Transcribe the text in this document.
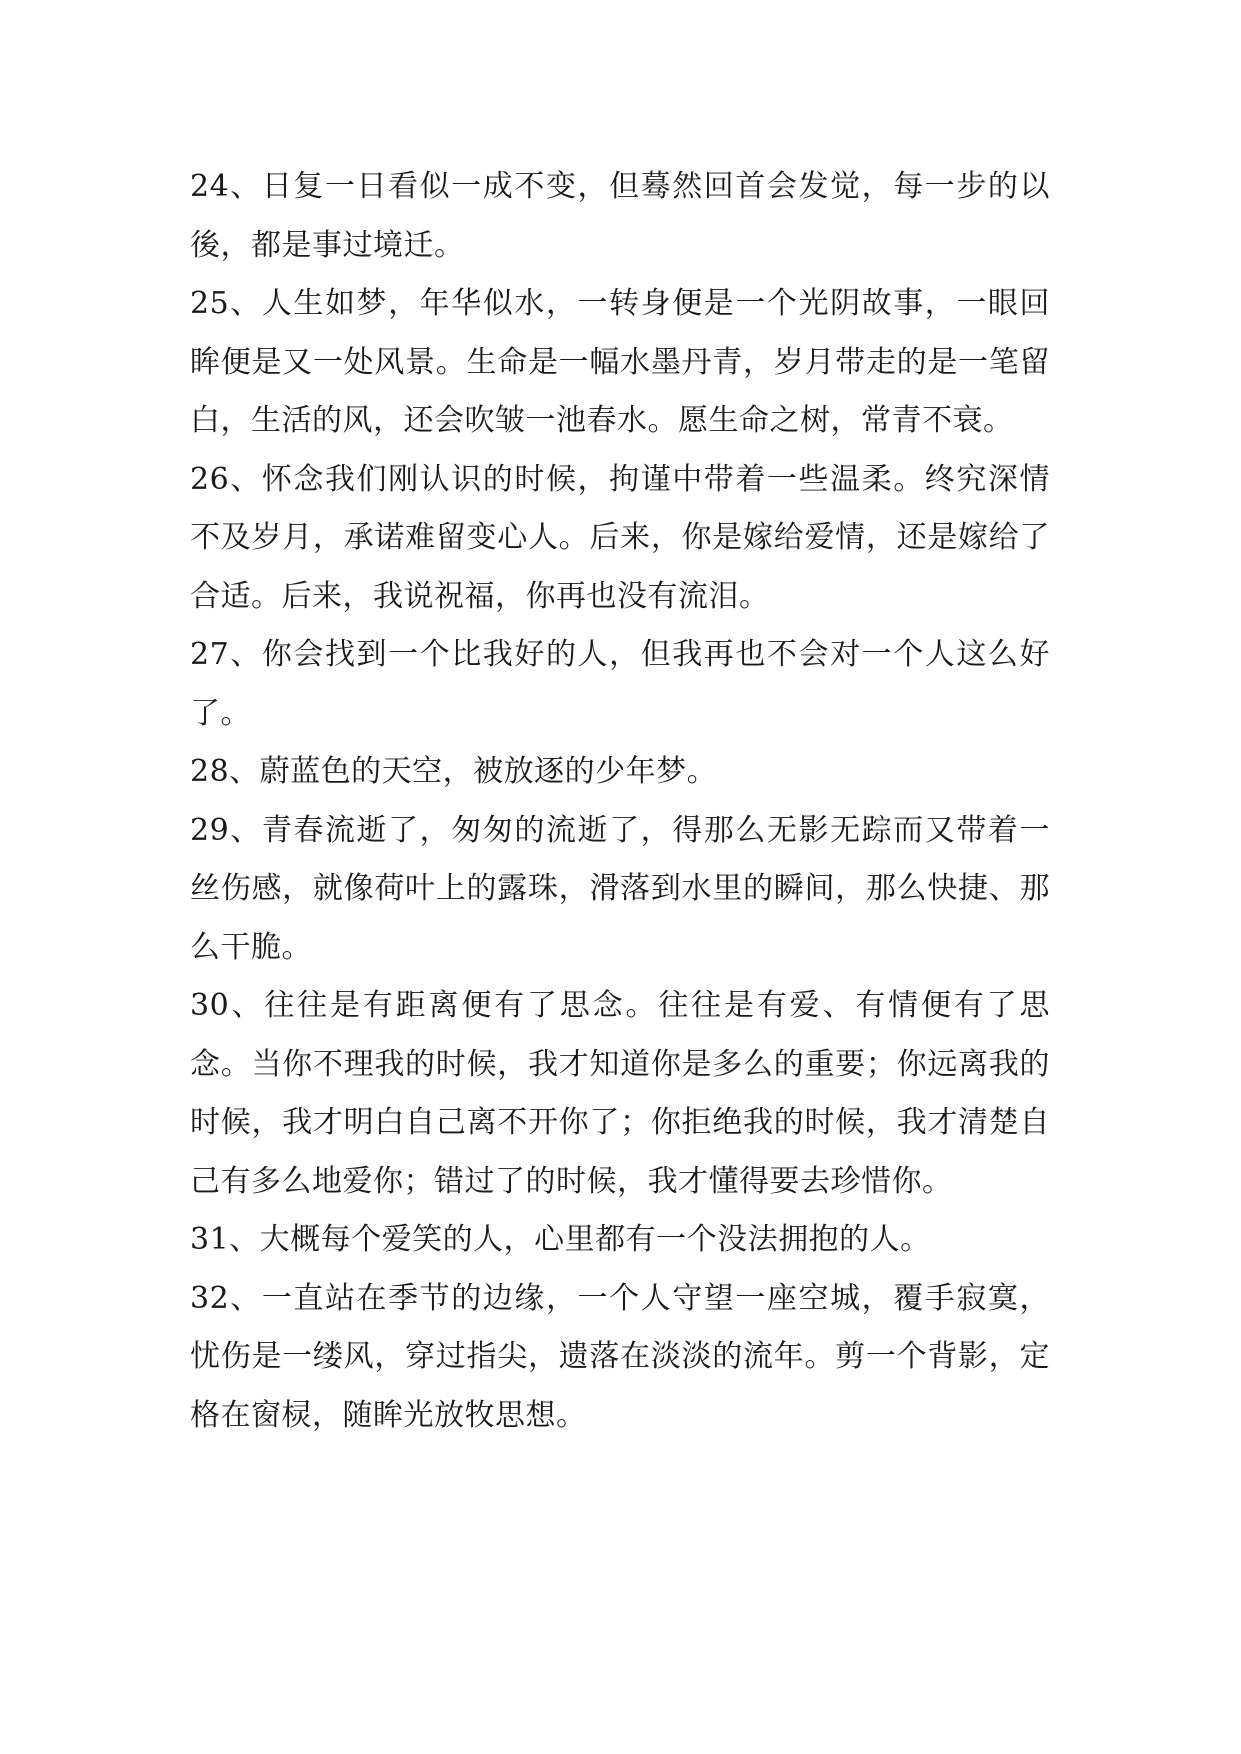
24、日复一日看似一成不变，但蓦然回首会发觉，每一步的以後，都是事过境迁。

25、人生如梦，年华似水，一转身便是一个光阴故事，一眼回眸便是又一处风景。生命是一幅水墨丹青，岁月带走的是一笔留白，生活的风，还会吹皱一池春水。愿生命之树，常青不衰。

26、怀念我们刚认识的时候，拘谨中带着一些温柔。终究深情不及岁月，承诺难留变心人。后来，你是嫁给爱情，还是嫁给了合适。后来，我说祝福，你再也没有流泪。

27、你会找到一个比我好的人，但我再也不会对一个人这么好了。

28、蔚蓝色的天空，被放逐的少年梦。

29、青春流逝了，匆匆的流逝了，得那么无影无踪而又带着一丝伤感，就像荷叶上的露珠，滑落到水里的瞬间，那么快捷、那么干脆。

30、往往是有距离便有了思念。往往是有爱、有情便有了思念。当你不理我的时候，我才知道你是多么的重要；你远离我的时候，我才明白自己离不开你了；你拒绝我的时候，我才清楚自己有多么地爱你；错过了的时候，我才懂得要去珍惜你。

31、大概每个爱笑的人，心里都有一个没法拥抱的人。

32、一直站在季节的边缘，一个人守望一座空城，覆手寂寞，忧伤是一缕风，穿过指尖，遗落在淡淡的流年。剪一个背影，定格在窗棂，随眸光放牧思想。
